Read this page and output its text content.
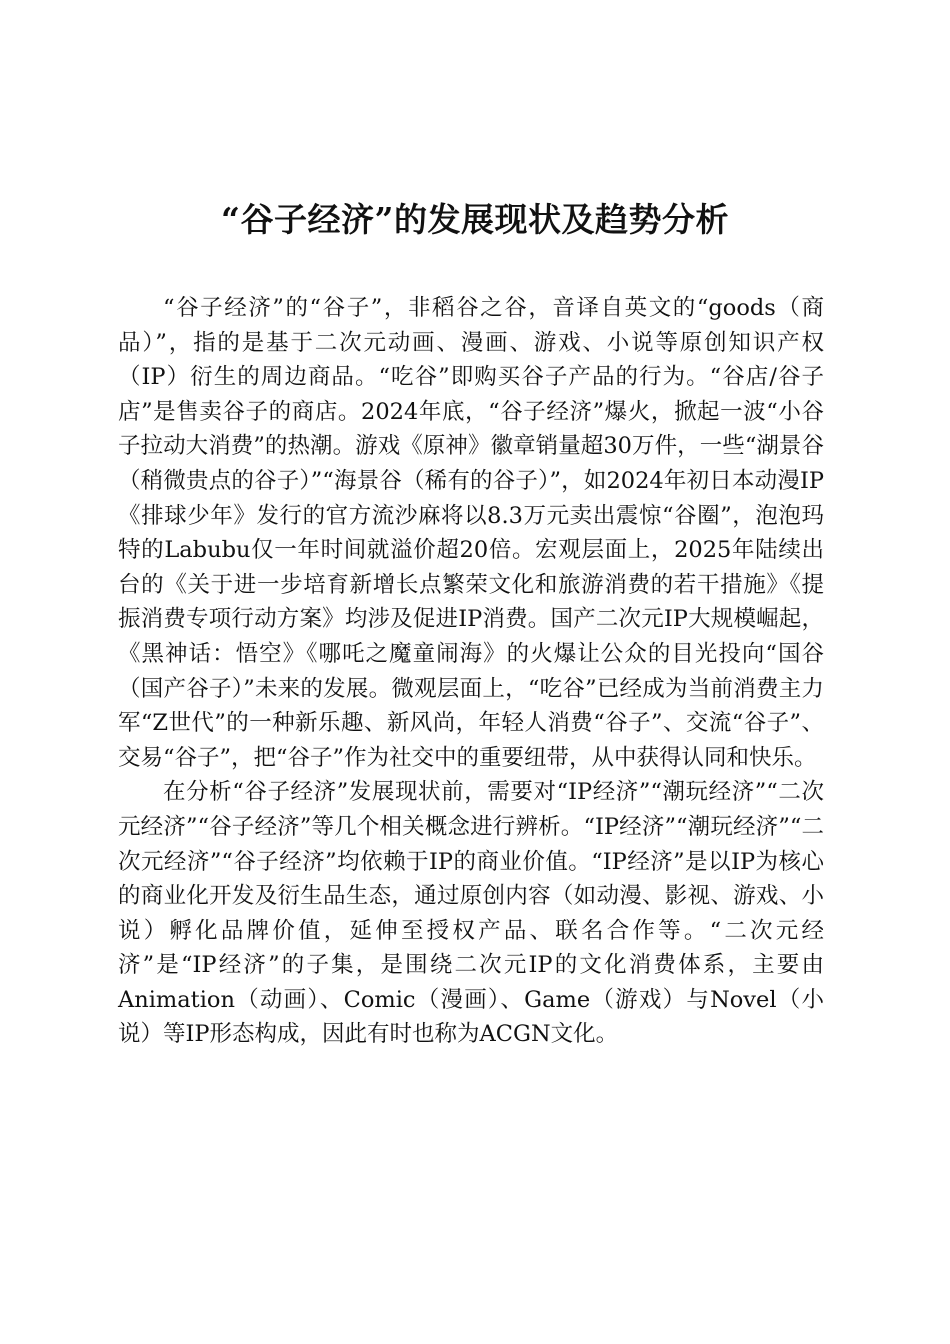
“谷子经济”的发展现状及趋势分析

“谷子经济”的“谷子”，非稻谷之谷，音译自英文的“goods（商品）”，指的是基于二次元动画、漫画、游戏、小说等原创知识产权（IP）衍生的周边商品。“吃谷”即购买谷子产品的行为。“谷店/谷子店”是售卖谷子的商店。2024年底，“谷子经济”爆火，掀起一波“小谷子拉动大消费”的热潮。游戏《原神》徽章销量超30万件，一些“湖景谷（稍微贵点的谷子）”“海景谷（稀有的谷子）”，如2024年初日本动漫IP《排球少年》发行的官方流沙麻将以8.3万元卖出震惊“谷圈”，泡泡玛特的Labubu仅一年时间就溢价超20倍。宏观层面上，2025年陆续出台的《关于进一步培育新增长点繁荣文化和旅游消费的若干措施》《提振消费专项行动方案》均涉及促进IP消费。国产二次元IP大规模崛起，《黑神话：悟空》《哪吒之魔童闹海》的火爆让公众的目光投向“国谷（国产谷子）”未来的发展。微观层面上，“吃谷”已经成为当前消费主力军“Z世代”的一种新乐趣、新风尚，年轻人消费“谷子”、交流“谷子”、交易“谷子”，把“谷子”作为社交中的重要纽带，从中获得认同和快乐。

在分析“谷子经济”发展现状前，需要对“IP经济”“潮玩经济”“二次元经济”“谷子经济”等几个相关概念进行辨析。“IP经济”“潮玩经济”“二次元经济”“谷子经济”均依赖于IP的商业价值。“IP经济”是以IP为核心的商业化开发及衍生品生态，通过原创内容（如动漫、影视、游戏、小说）孵化品牌价值，延伸至授权产品、联名合作等。“二次元经济”是“IP经济”的子集，是围绕二次元IP的文化消费体系，主要由Animation（动画）、Comic（漫画）、Game（游戏）与Novel（小说）等IP形态构成，因此有时也称为ACGN文化。
